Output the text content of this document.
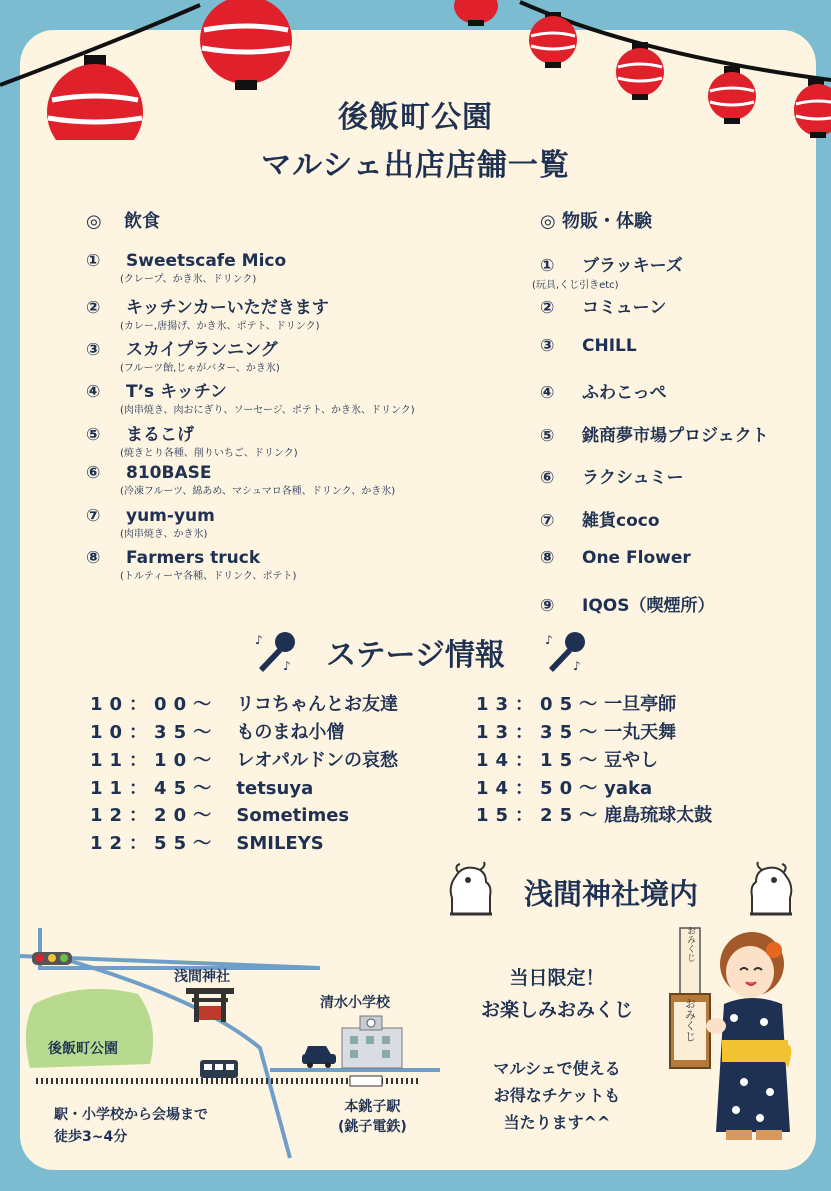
後飯町公園
マルシェ出店店舗一覧
◎ 飲食
① Sweetscafe Mico
(クレープ、かき氷、ドリンク)
② キッチンカーいただきます
(カレー,唐揚げ、かき氷、ポテト、ドリンク)
③ スカイプランニング
(フルーツ飴,じゃがバター、かき氷)
④ T’s キッチン
(肉串焼き、肉おにぎり、ソーセージ、ポテト、かき氷、ドリンク)
⑤ まるこげ
(焼きとり各種、削りいちご、ドリンク)
⑥ 810BASE
(冷凍フルーツ、綿あめ、マシュマロ各種、ドリンク、かき氷)
⑦ yum-yum
(肉串焼き、かき氷)
⑧ Farmers truck
(トルティーヤ各種、ドリンク、ポテト)
◎ 物販・体験
① ブラッキーズ
(玩具,くじ引きetc)
② コミューン
③ CHILL
④ ふわこっぺ
⑤ 銚商夢市場プロジェクト
⑥ ラクシュミー
⑦ 雑貨coco
⑧ One Flower
⑨ IQOS（喫煙所）
♪
♪	ステージ情報	♪
♪
10：00〜 リコちゃんとお友達
10：35〜 ものまね小僧
11：10〜 レオパルドンの哀愁
11：45〜 tetsuya
12：20〜 Sometimes
12：55〜 SMILEYS
13：05〜一旦亭師
13：35〜一丸天舞
14：15〜豆やし
14：50〜yaka
15：25〜鹿島琉球太鼓
浅間神社境内
当日限定！
お楽しみおみくじ
マルシェで使える
お得なチケットも
当たります^^
おみくじ
おみくじ
浅間神社
清水小学校
後飯町公園
本銚子駅
(銚子電鉄)
駅・小学校から会場まで
徒歩3~4分
